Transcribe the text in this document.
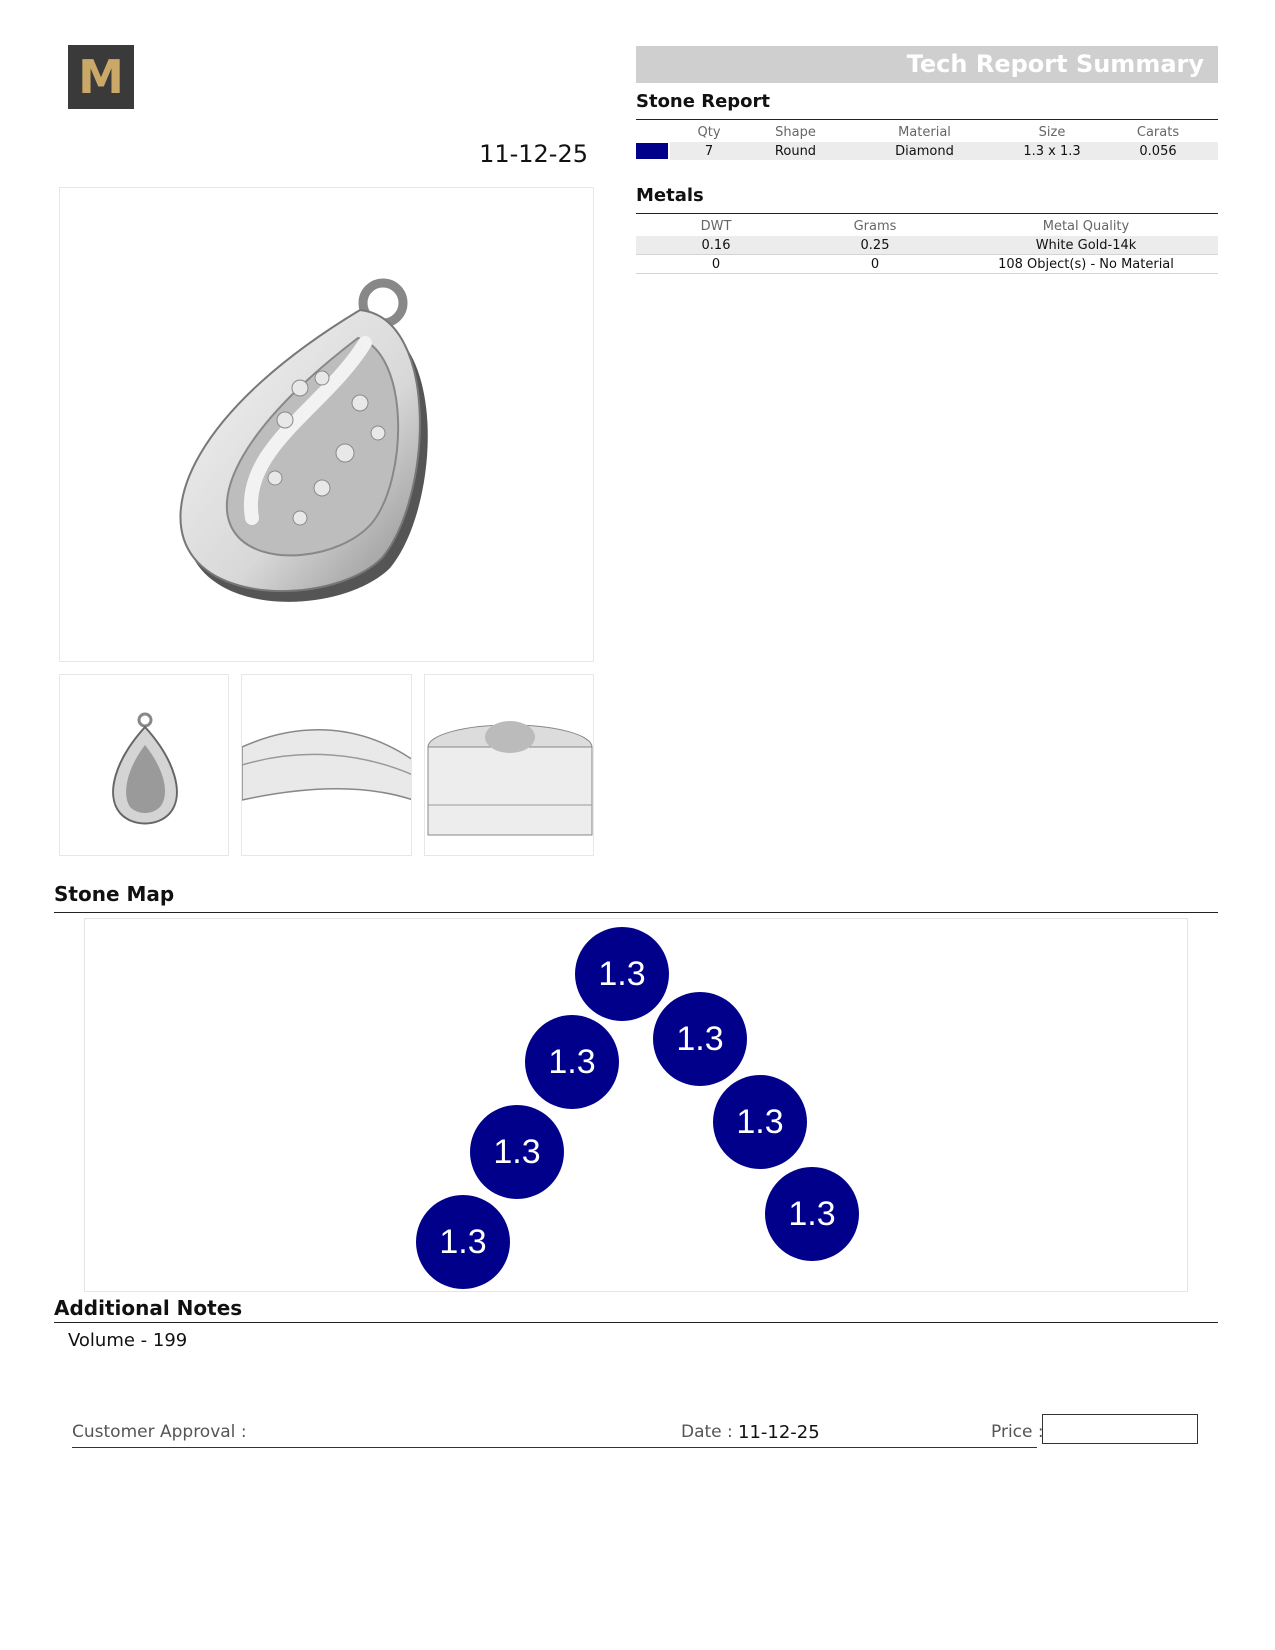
M	Tech Report Summary
11-12-25
Stone Report
	Qty	Shape	Material	Size	Carats

	7	Round	Diamond	1.3 x 1.3	0.056
Metals
DWT	Grams	Metal Quality
0.16	0.25	White Gold-14k
0	0	108 Object(s) - No Material
Stone Map
1.3
1.3
1.3
1.3
1.3
1.3
1.3
Additional Notes
Volume - 199
Customer Approval :	Date : 11-12-25	Price :
